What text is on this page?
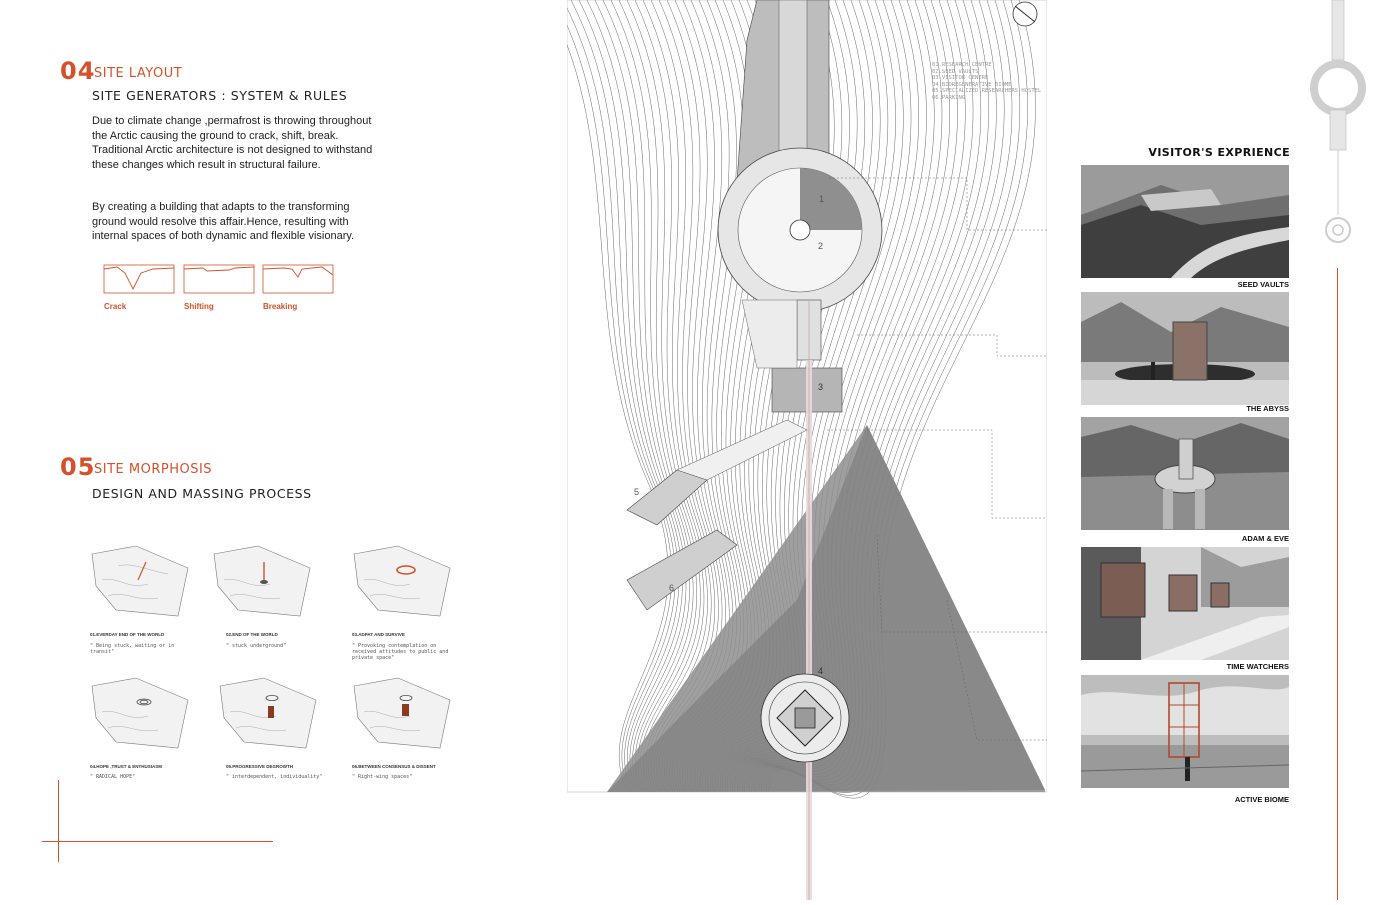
04
SITE LAYOUT
SITE GENERATORS : SYSTEM & RULES
Due to climate change ,permafrost is throwing throughout the Arctic causing the ground to crack, shift, break. Traditional Arctic architecture is not designed to withstand these changes which result in structural failure.
By creating a building that adapts to the transforming ground would resolve this affair.Hence, resulting with internal spaces of both dynamic and flexible visionary.
Crack	Shifting	Breaking
05
SITE MORPHOSIS
DESIGN AND MASSING PROCESS
01.EVERDAY END OF THE WORLD
" Being stuck, waiting or in transit"
02.END OF THE WORLD
" stuck underground"
03.ADPAT AND SURVIVE
" Provoking contemplation on received attitudes to public and private space"
04.HOPE ,TRUST & ENTHUSIASM
" RADICAL HOPE"
05.PROGRESSIVE DEGROWTH
" interdependent, individuality"
06.BETWEEN CONSENSUS & DISSENT
" Right-wing spaces"
01.RESEARCH CENTRE
02.SEED VAULTS
03.VISITOR CENTRE
04.BIOREGENERATIVE BIOME
05.SPECIALIZED RESEARCHERS HOSTEL
06.PARKING
1
2
3
4
5
6
VISITOR'S EXPRIENCE
SEED VAULTS
THE ABYSS
ADAM & EVE
TIME WATCHERS
ACTIVE BIOME
